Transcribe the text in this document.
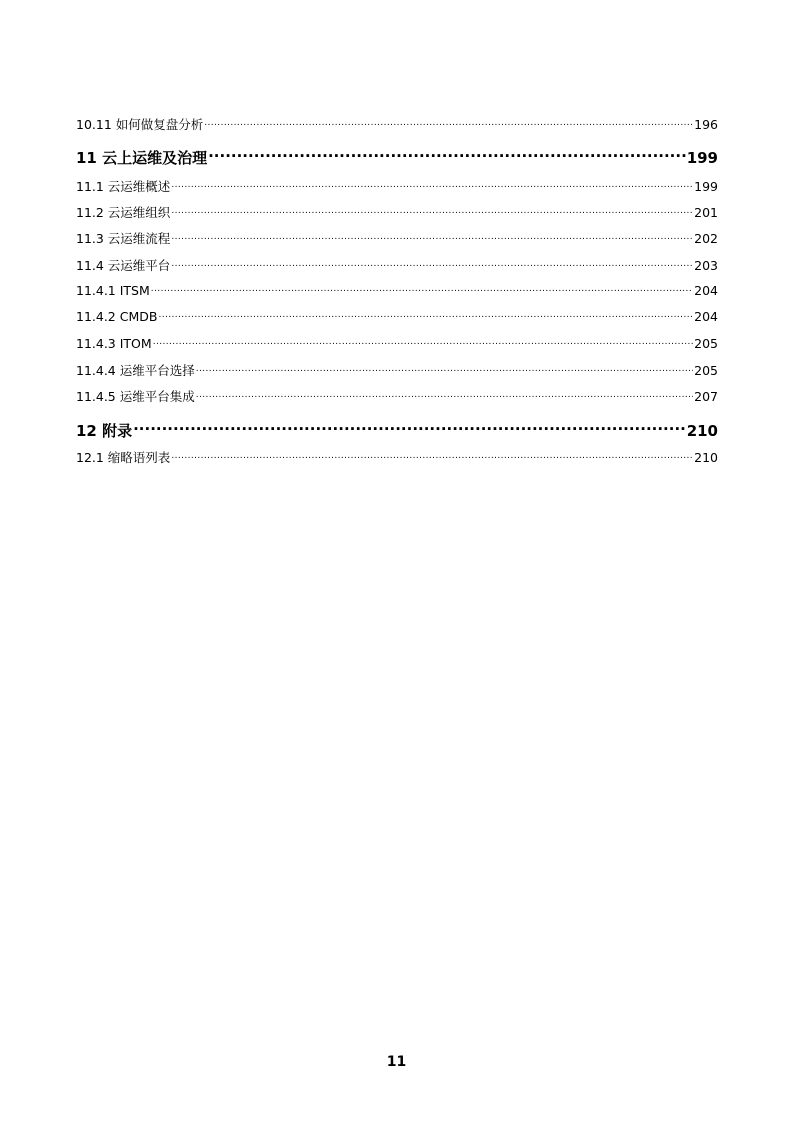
10.11 如何做复盘分析 .....	196
11 云上运维及治理 .....	199
11.1 云运维概述 .....	199
11.2 云运维组织 .....	201
11.3 云运维流程 .....	202
11.4 云运维平台 .....	203
11.4.1 ITSM .....	204
11.4.2 CMDB .....	204
11.4.3 ITOM .....	205
11.4.4 运维平台选择 .....	205
11.4.5 运维平台集成 .....	207
12 附录 .....	210
12.1 缩略语列表 .....	210
11
